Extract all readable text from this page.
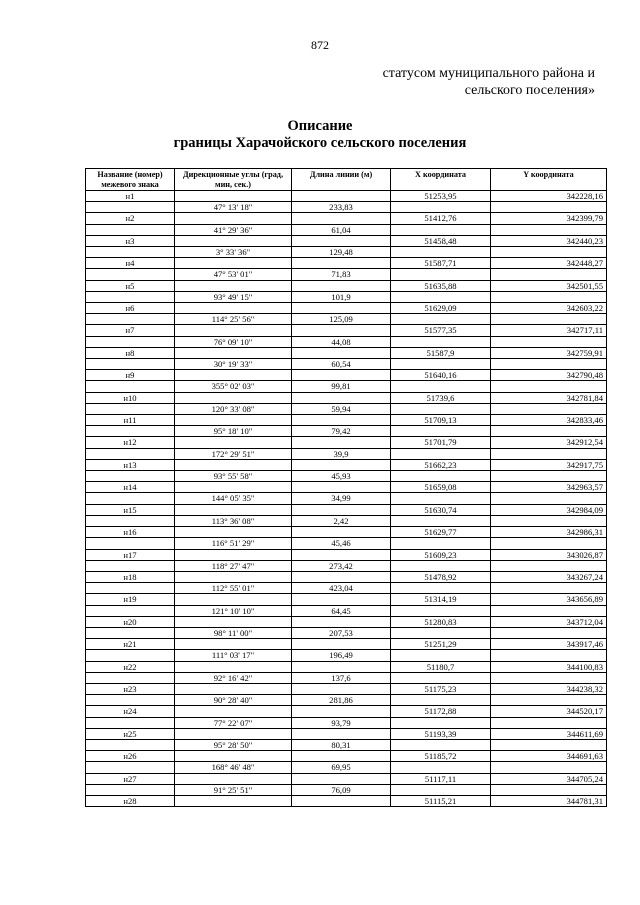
872
статусом муниципального района и
сельского поселения»
Описание
границы Харачойского сельского поселения
Название (номер) межевого знака	Дирекционные углы (град, мин, сек.)	Длина линии (м)	X координата	Y координата
н1			51253,95	342228,16
	47° 13' 18"	233,83		
н2			51412,76	342399,79
	41° 29' 36"	61,04		
н3			51458,48	342440,23
	3° 33' 36"	129,48		
н4			51587,71	342448,27
	47° 53' 01"	71,83		
н5			51635,88	342501,55
	93° 49' 15"	101,9		
н6			51629,09	342603,22
	114° 25' 56"	125,09		
н7			51577,35	342717,11
	76° 09' 10"	44,08		
н8			51587,9	342759,91
	30° 19' 33"	60,54		
н9			51640,16	342790,48
	355° 02' 03"	99,81		
н10			51739,6	342781,84
	120° 33' 08"	59,94		
н11			51709,13	342833,46
	95° 18' 10"	79,42		
н12			51701,79	342912,54
	172° 29' 51"	39,9		
н13			51662,23	342917,75
	93° 55' 58"	45,93		
н14			51659,08	342963,57
	144° 05' 35"	34,99		
н15			51630,74	342984,09
	113° 36' 08"	2,42		
н16			51629,77	342986,31
	116° 51' 29"	45,46		
н17			51609,23	343026,87
	118° 27' 47"	273,42		
н18			51478,92	343267,24
	112° 55' 01"	423,04		
н19			51314,19	343656,89
	121° 10' 10"	64,45		
н20			51280,83	343712,04
	98° 11' 00"	207,53		
н21			51251,29	343917,46
	111° 03' 17"	196,49		
н22			51180,7	344100,83
	92° 16' 42"	137,6		
н23			51175,23	344238,32
	90° 28' 40"	281,86		
н24			51172,88	344520,17
	77° 22' 07"	93,79		
н25			51193,39	344611,69
	95° 28' 50"	80,31		
н26			51185,72	344691,63
	168° 46' 48"	69,95		
н27			51117,11	344705,24
	91° 25' 51"	76,09		
н28			51115,21	344781,31
